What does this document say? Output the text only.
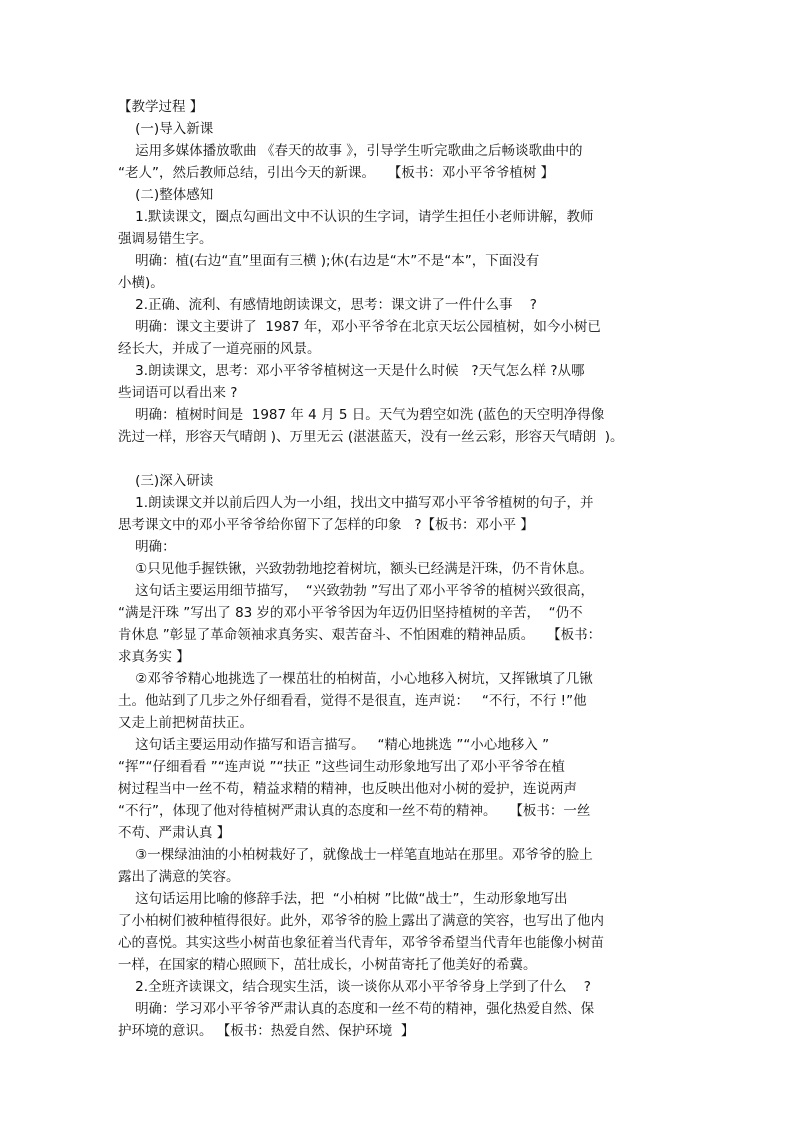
【教学过程 】
(一)导入新课
运用多媒体播放歌曲 《春天的故事 》，引导学生听完歌曲之后畅谈歌曲中的
“老人”，然后教师总结，引出今天的新课。   【板书：邓小平爷爷植树 】
(二)整体感知
1.默读课文，圈点勾画出文中不认识的生字词，请学生担任小老师讲解，教师
强调易错生字。
明确：植(右边“直”里面有三横 );休(右边是“木”不是“本”，下面没有
小横)。
2.正确、流利、有感情地朗读课文，思考：课文讲了一件什么事    ?
明确：课文主要讲了  1987 年，邓小平爷爷在北京天坛公园植树，如今小树已
经长大，并成了一道亮丽的风景。
3.朗读课文，思考：邓小平爷爷植树这一天是什么时候   ?天气怎么样 ?从哪
些词语可以看出来 ?
明确：植树时间是  1987 年 4 月 5 日。天气为碧空如洗 (蓝色的天空明净得像
洗过一样，形容天气晴朗 )、万里无云 (湛湛蓝天，没有一丝云彩，形容天气晴朗  )。
(三)深入研读
1.朗读课文并以前后四人为一小组，找出文中描写邓小平爷爷植树的句子，并
思考课文中的邓小平爷爷给你留下了怎样的印象   ?【板书：邓小平 】
明确：
①只见他手握铁锹，兴致勃勃地挖着树坑，额头已经满是汗珠，仍不肯休息。
这句话主要运用细节描写，  “兴致勃勃 ”写出了邓小平爷爷的植树兴致很高，
“满是汗珠 ”写出了 83 岁的邓小平爷爷因为年迈仍旧坚持植树的辛苦，  “仍不
肯休息 ”彰显了革命领袖求真务实、艰苦奋斗、不怕困难的精神品质。   【板书：
求真务实 】
②邓爷爷精心地挑选了一棵茁壮的柏树苗，小心地移入树坑，又挥锹填了几锹
土。他站到了几步之外仔细看看，觉得不是很直，连声说：   “不行，不行 !”他
又走上前把树苗扶正。
这句话主要运用动作描写和语言描写。   “精心地挑选 ”“小心地移入 ”
“挥”“仔细看看 ”“连声说 ”“扶正 ”这些词生动形象地写出了邓小平爷爷在植
树过程当中一丝不苟，精益求精的精神，也反映出他对小树的爱护，连说两声
“不行”，体现了他对待植树严肃认真的态度和一丝不苟的精神。   【板书：一丝
不苟、严肃认真 】
③一棵绿油油的小柏树栽好了，就像战士一样笔直地站在那里。邓爷爷的脸上
露出了满意的笑容。
这句话运用比喻的修辞手法，把  “小柏树 ”比做“战士”，生动形象地写出
了小柏树们被种植得很好。此外，邓爷爷的脸上露出了满意的笑容，也写出了他内
心的喜悦。其实这些小树苗也象征着当代青年，邓爷爷希望当代青年也能像小树苗
一样，在国家的精心照顾下，茁壮成长，小树苗寄托了他美好的希冀。
2.全班齐读课文，结合现实生活，谈一谈你从邓小平爷爷身上学到了什么    ?
明确：学习邓小平爷爷严肃认真的态度和一丝不苟的精神，强化热爱自然、保
护环境的意识。 【板书：热爱自然、保护环境  】
